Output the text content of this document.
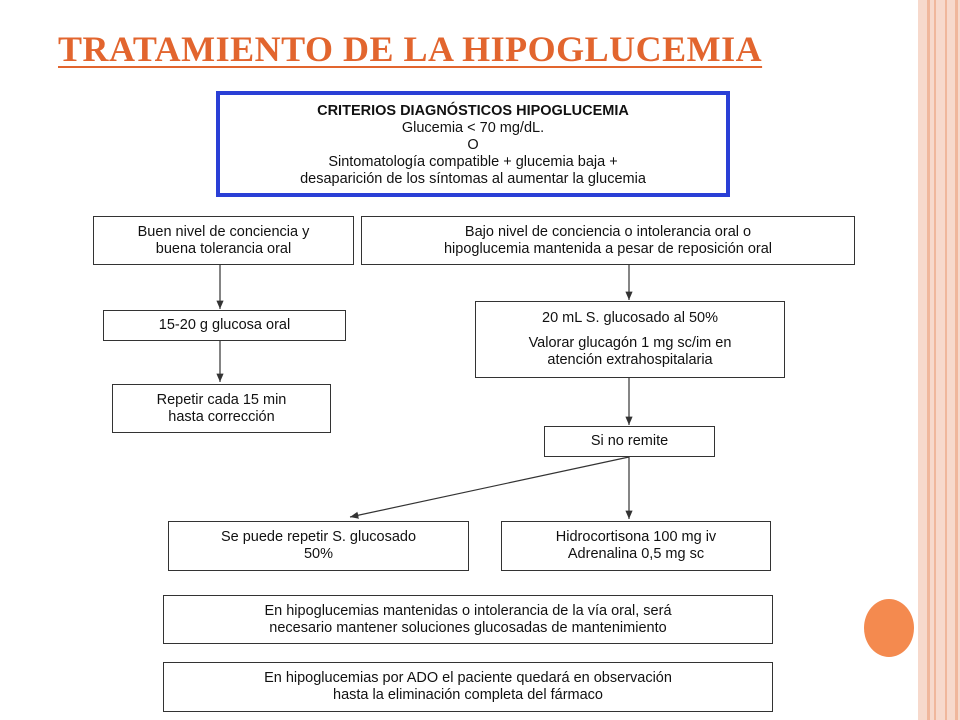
TRATAMIENTO DE LA HIPOGLUCEMIA
CRITERIOS DIAGNÓSTICOS HIPOGLUCEMIA
Glucemia < 70 mg/dL.
O
Sintomatología compatible + glucemia baja +
desaparición de los síntomas al aumentar la glucemia
Buen nivel de conciencia y
buena tolerancia oral
15-20 g glucosa oral
Repetir cada 15 min
hasta corrección
Bajo nivel de conciencia o intolerancia oral o
hipoglucemia mantenida a pesar de reposición oral
20 mL S. glucosado al 50%
Valorar glucagón 1 mg sc/im en
atención extrahospitalaria
Si no remite
Se puede repetir S. glucosado
50%
Hidrocortisona 100 mg iv
Adrenalina 0,5 mg sc
En hipoglucemias mantenidas o intolerancia de la vía oral, será
necesario mantener soluciones glucosadas de mantenimiento
En hipoglucemias por ADO el paciente quedará en observación
hasta la eliminación completa del fármaco
